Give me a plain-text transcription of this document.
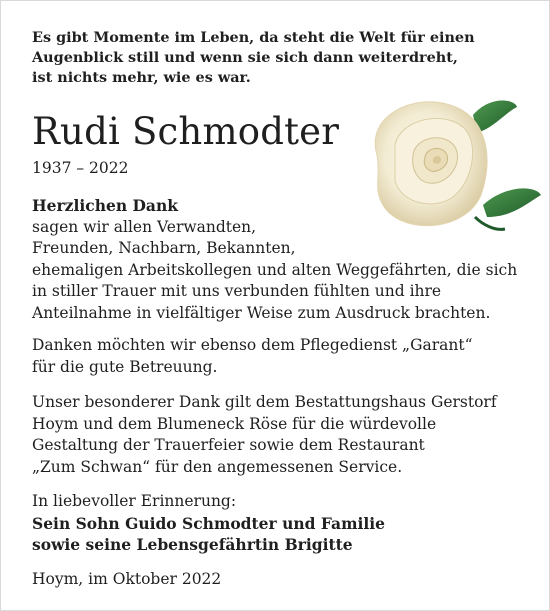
Es gibt Momente im Leben, da steht die Welt für einen
Augenblick still und wenn sie sich dann weiterdreht,
ist nichts mehr, wie es war.
Rudi Schmodter
1937 – 2022
Herzlichen Dank
sagen wir allen Verwandten,
Freunden, Nachbarn, Bekannten,
ehemaligen Arbeitskollegen und alten Weggefährten, die sich
in stiller Trauer mit uns verbunden fühlten und ihre
Anteilnahme in vielfältiger Weise zum Ausdruck brachten.
Danken möchten wir ebenso dem Pflegedienst „Garant“
für die gute Betreuung.
Unser besonderer Dank gilt dem Bestattungshaus Gerstorf
Hoym und dem Blumeneck Röse für die würdevolle
Gestaltung der Trauerfeier sowie dem Restaurant
„Zum Schwan“ für den angemessenen Service.
In liebevoller Erinnerung:
Sein Sohn Guido Schmodter und Familie
sowie seine Lebensgefährtin Brigitte
Hoym, im Oktober 2022
